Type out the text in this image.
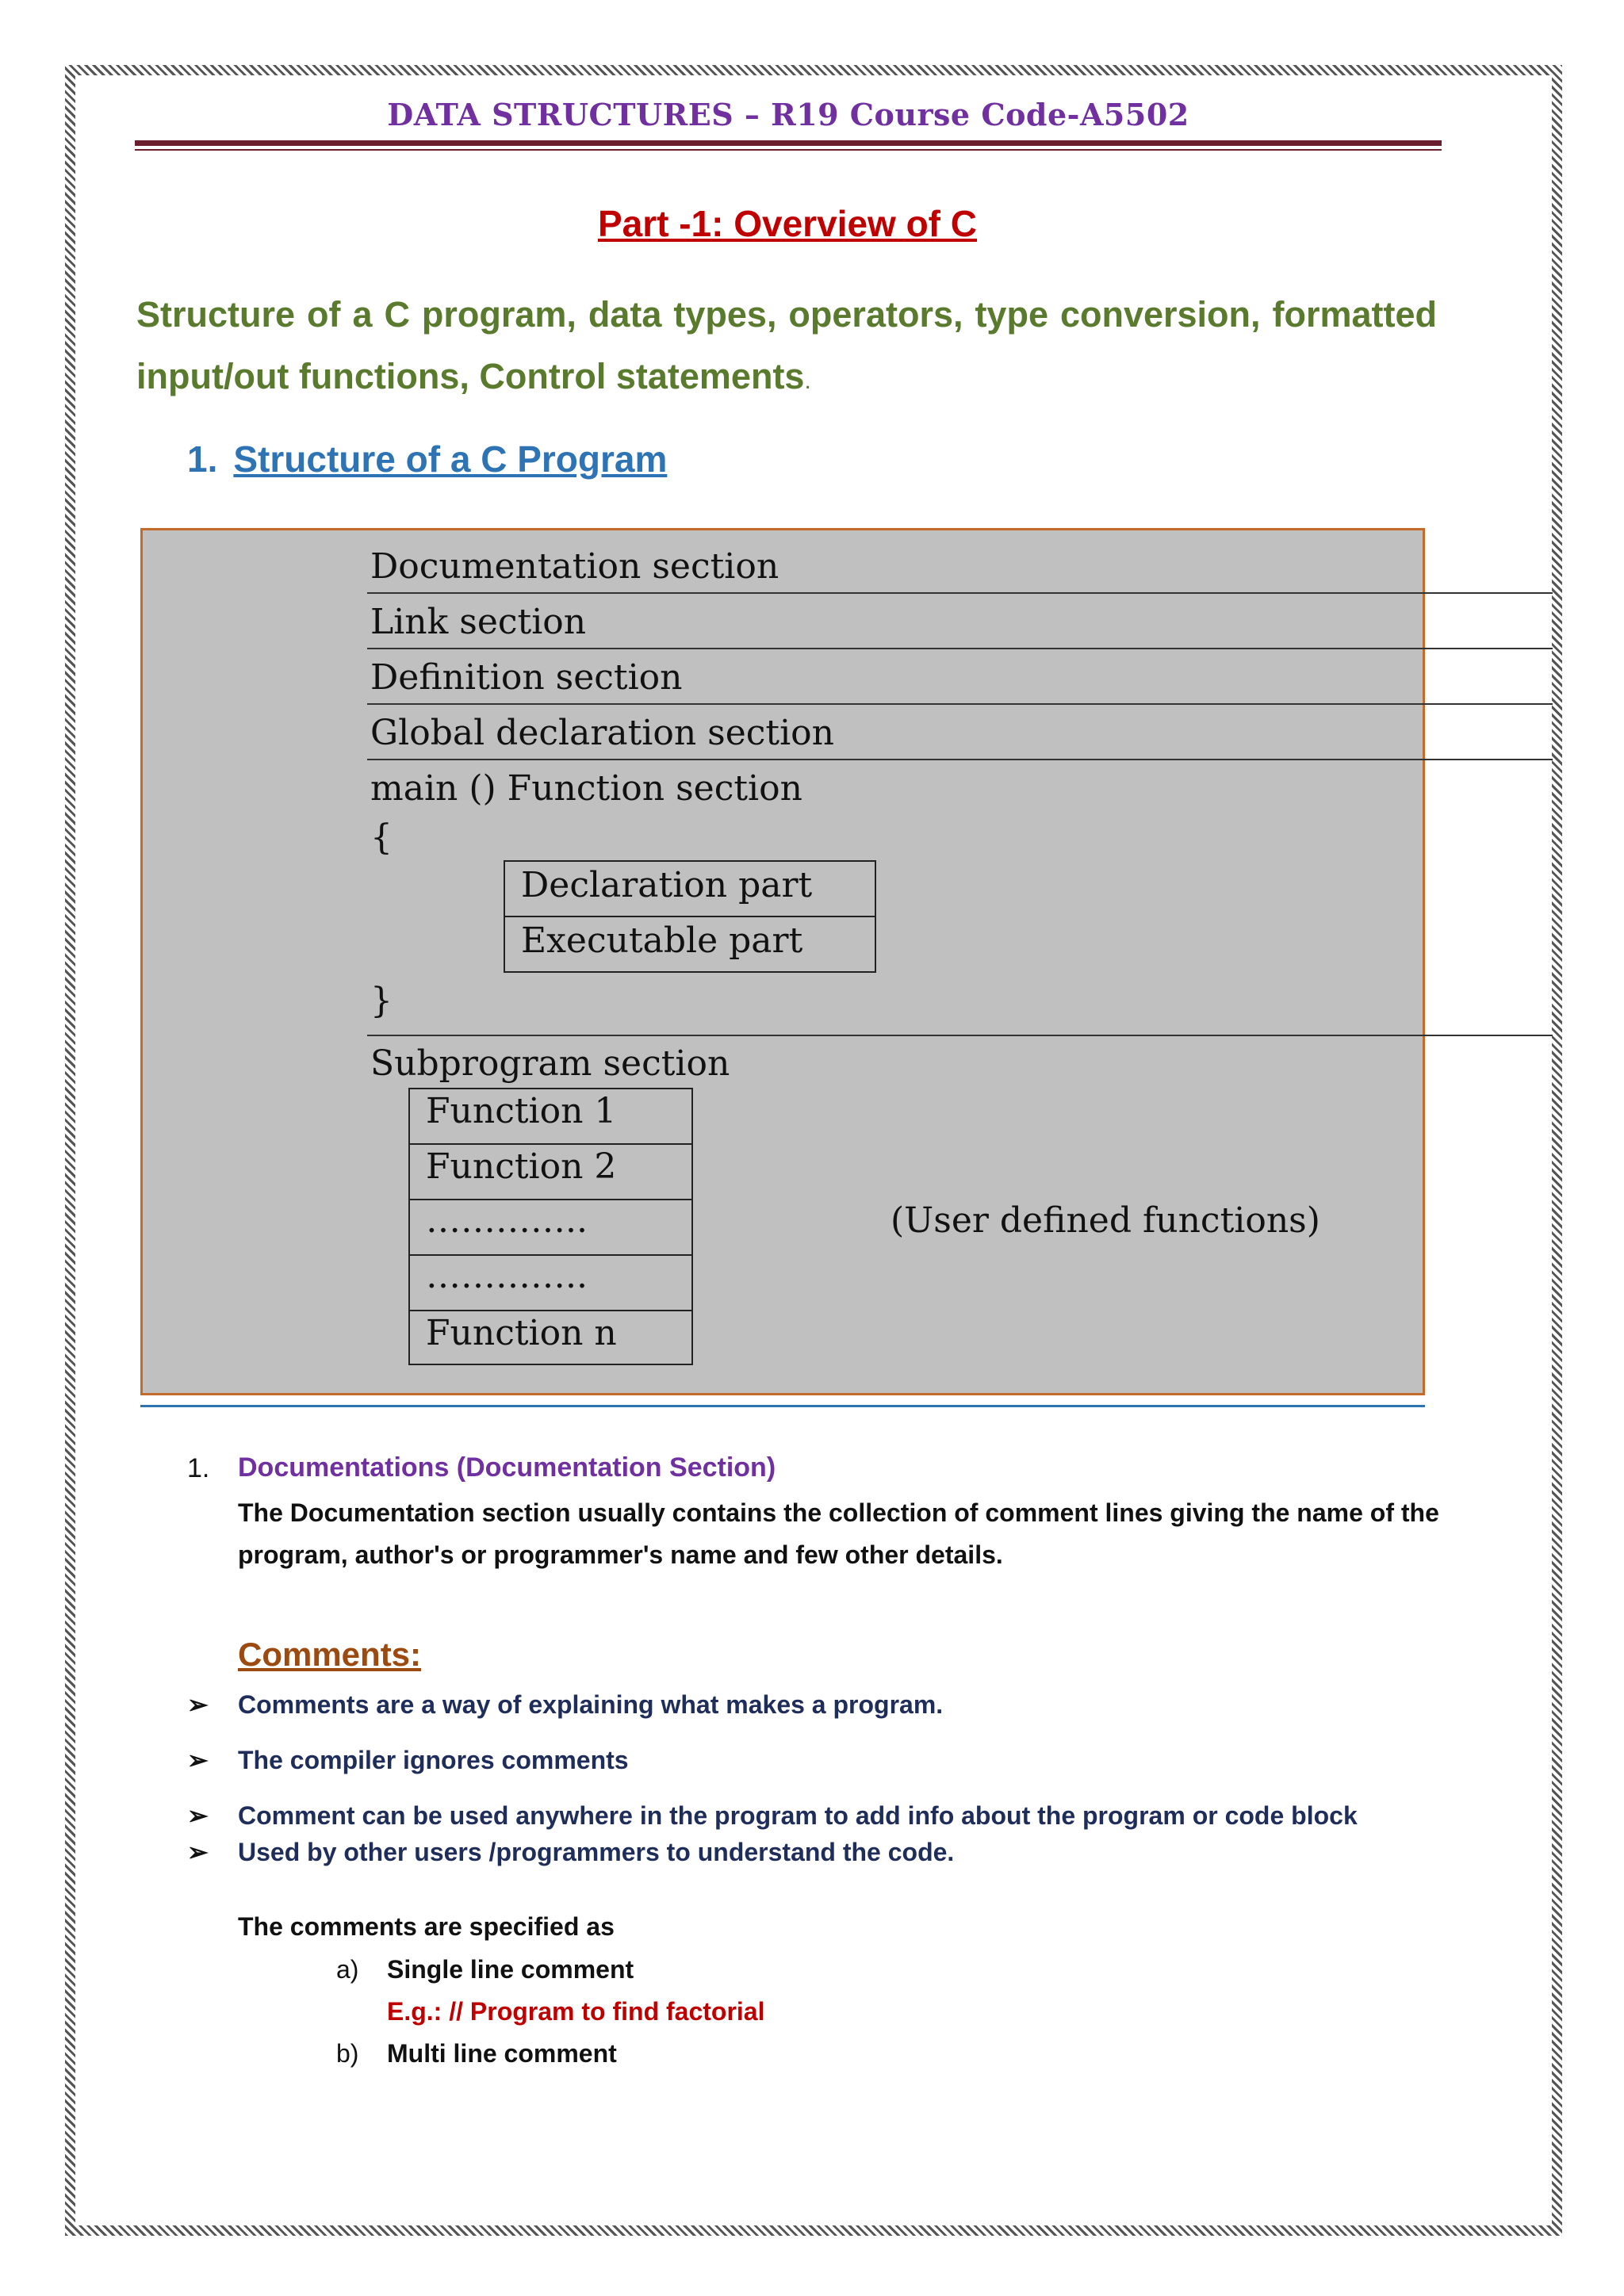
DATA STRUCTURES – R19 Course Code-A5502
Part -1: Overview of C
Structure of a C program, data types, operators, type conversion, formatted input/out functions, Control statements.
1. Structure of a C Program
Documentation section
Link section
Definition section
Global declaration section
main () Function section
{
Declaration part
Executable part
}
Subprogram section
Function 1
Function 2
…………..
…………..
Function n
(User defined functions)
1. Documentations (Documentation Section)
The Documentation section usually contains the collection of comment lines giving the name of the program, author's or programmer's name and few other details.
Comments:
➢ Comments are a way of explaining what makes a program.
➢ The compiler ignores comments
➢ Comment can be used anywhere in the program to add info about the program or code block
➢ Used by other users /programmers to understand the code.
The comments are specified as
a) Single line comment
E.g.: // Program to find factorial
b) Multi line comment
